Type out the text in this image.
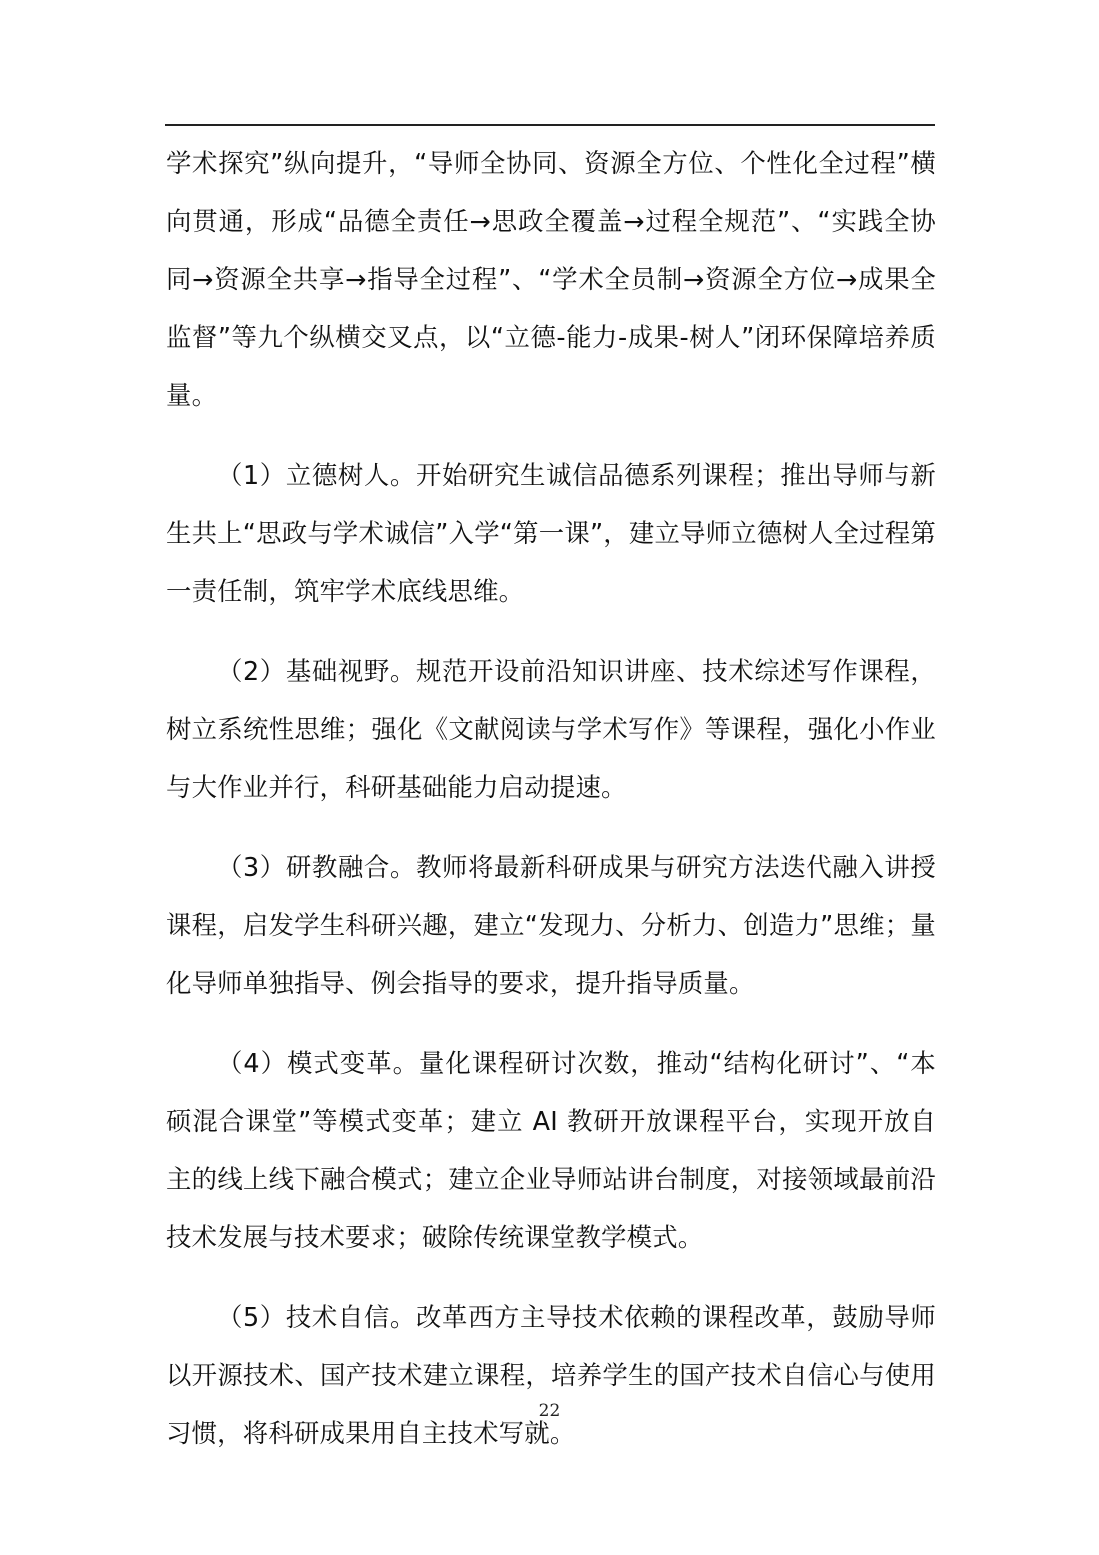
学术探究”纵向提升，“导师全协同、资源全方位、个性化全过程”横向贯通，形成“品德全责任→思政全覆盖→过程全规范”、“实践全协同→资源全共享→指导全过程”、“学术全员制→资源全方位→成果全监督”等九个纵横交叉点，以“立德-能力-成果-树人”闭环保障培养质量。

（1）立德树人。开始研究生诚信品德系列课程；推出导师与新生共上“思政与学术诚信”入学“第一课”，建立导师立德树人全过程第一责任制，筑牢学术底线思维。

（2）基础视野。规范开设前沿知识讲座、技术综述写作课程，树立系统性思维；强化《文献阅读与学术写作》等课程，强化小作业与大作业并行，科研基础能力启动提速。

（3）研教融合。教师将最新科研成果与研究方法迭代融入讲授课程，启发学生科研兴趣，建立“发现力、分析力、创造力”思维；量化导师单独指导、例会指导的要求，提升指导质量。

（4）模式变革。量化课程研讨次数，推动“结构化研讨”、“本硕混合课堂”等模式变革；建立 AI 教研开放课程平台，实现开放自主的线上线下融合模式；建立企业导师站讲台制度，对接领域最前沿技术发展与技术要求；破除传统课堂教学模式。

（5）技术自信。改革西方主导技术依赖的课程改革，鼓励导师以开源技术、国产技术建立课程，培养学生的国产技术自信心与使用习惯，将科研成果用自主技术写就。

22
